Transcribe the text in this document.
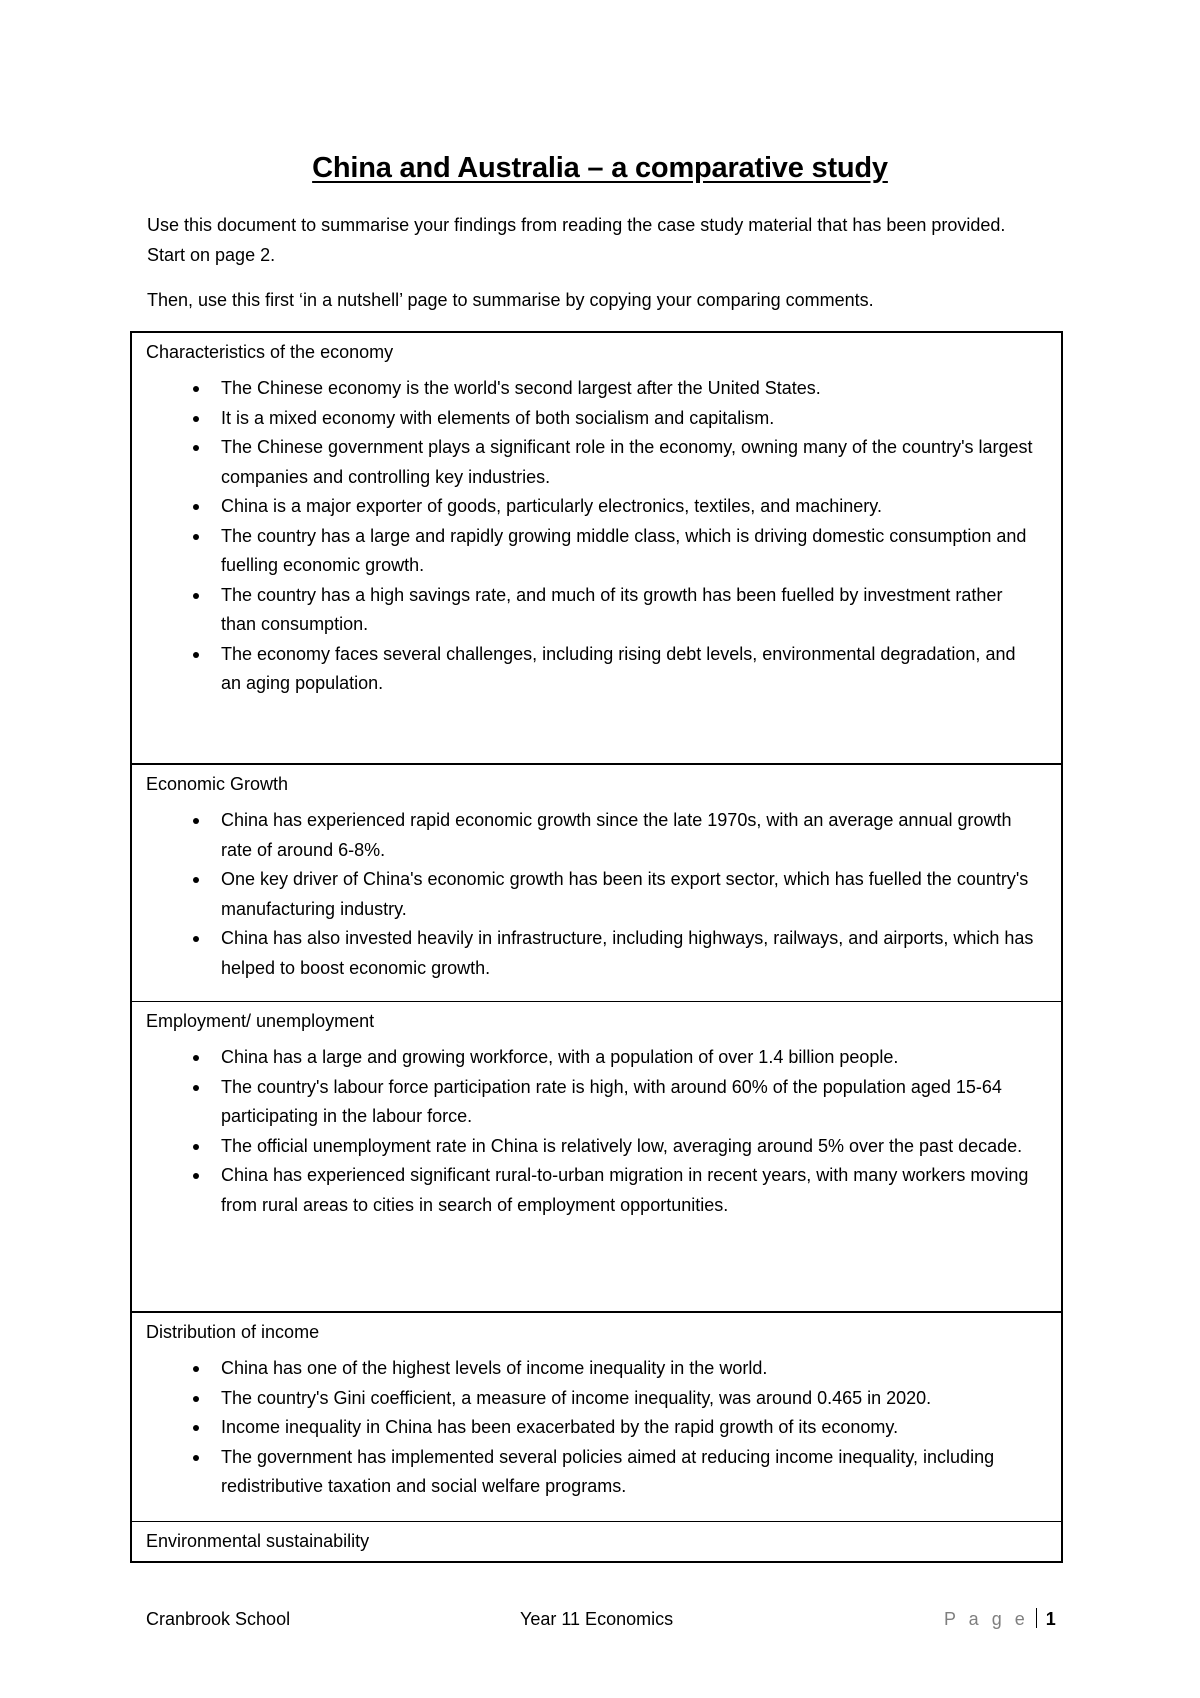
China and Australia – a comparative study

Use this document to summarise your findings from reading the case study material that has been provided. Start on page 2.

Then, use this first ‘in a nutshell’ page to summarise by copying your comparing comments.

Characteristics of the economy

The Chinese economy is the world's second largest after the United States.
It is a mixed economy with elements of both socialism and capitalism.
The Chinese government plays a significant role in the economy, owning many of the country's largest companies and controlling key industries.
China is a major exporter of goods, particularly electronics, textiles, and machinery.
The country has a large and rapidly growing middle class, which is driving domestic consumption and fuelling economic growth.
The country has a high savings rate, and much of its growth has been fuelled by investment rather than consumption.
The economy faces several challenges, including rising debt levels, environmental degradation, and an aging population.

Economic Growth

China has experienced rapid economic growth since the late 1970s, with an average annual growth rate of around 6-8%.
One key driver of China's economic growth has been its export sector, which has fuelled the country's manufacturing industry.
China has also invested heavily in infrastructure, including highways, railways, and airports, which has helped to boost economic growth.

Employment/ unemployment

China has a large and growing workforce, with a population of over 1.4 billion people.
The country's labour force participation rate is high, with around 60% of the population aged 15-64 participating in the labour force.
The official unemployment rate in China is relatively low, averaging around 5% over the past decade.
China has experienced significant rural-to-urban migration in recent years, with many workers moving from rural areas to cities in search of employment opportunities.

Distribution of income

China has one of the highest levels of income inequality in the world.
The country's Gini coefficient, a measure of income inequality, was around 0.465 in 2020.
Income inequality in China has been exacerbated by the rapid growth of its economy.
The government has implemented several policies aimed at reducing income inequality, including redistributive taxation and social welfare programs.

Environmental sustainability

Cranbrook School	Year 11 Economics	P a g e 1
